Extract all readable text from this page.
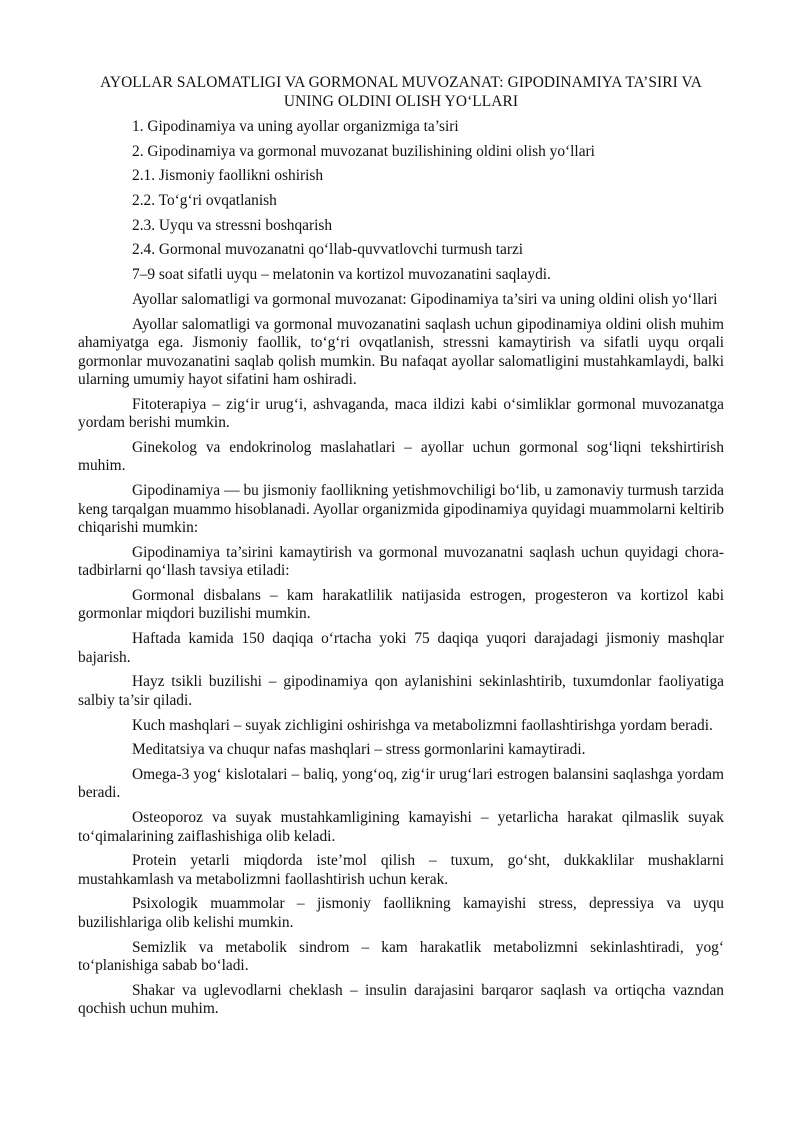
AYOLLAR SALOMATLIGI VA GORMONAL MUVOZANAT: GIPODINAMIYA TA’SIRI VA UNING OLDINI OLISH YO‘LLARI
1. Gipodinamiya va uning ayollar organizmiga ta’siri
2. Gipodinamiya va gormonal muvozanat buzilishining oldini olish yo‘llari
2.1. Jismoniy faollikni oshirish
2.2. To‘g‘ri ovqatlanish
2.3. Uyqu va stressni boshqarish
2.4. Gormonal muvozanatni qo‘llab-quvvatlovchi turmush tarzi
7–9 soat sifatli uyqu – melatonin va kortizol muvozanatini saqlaydi.

Ayollar salomatligi va gormonal muvozanat: Gipodinamiya ta’siri va uning oldini olish yo‘llari

Ayollar salomatligi va gormonal muvozanatini saqlash uchun gipodinamiya oldini olish muhim ahamiyatga ega. Jismoniy faollik, to‘g‘ri ovqatlanish, stressni kamaytirish va sifatli uyqu orqali gormonlar muvozanatini saqlab qolish mumkin. Bu nafaqat ayollar salomatligini mustahkamlaydi, balki ularning umumiy hayot sifatini ham oshiradi.

Fitoterapiya – zig‘ir urug‘i, ashvaganda, maca ildizi kabi o‘simliklar gormonal muvozanatga yordam berishi mumkin.

Ginekolog va endokrinolog maslahatlari – ayollar uchun gormonal sog‘liqni tekshirtirish muhim.

Gipodinamiya — bu jismoniy faollikning yetishmovchiligi bo‘lib, u zamonaviy turmush tarzida keng tarqalgan muammo hisoblanadi. Ayollar organizmida gipodinamiya quyidagi muammolarni keltirib chiqarishi mumkin:

Gipodinamiya ta’sirini kamaytirish va gormonal muvozanatni saqlash uchun quyidagi chora-tadbirlarni qo‘llash tavsiya etiladi:

Gormonal disbalans – kam harakatlilik natijasida estrogen, progesteron va kortizol kabi gormonlar miqdori buzilishi mumkin.

Haftada kamida 150 daqiqa o‘rtacha yoki 75 daqiqa yuqori darajadagi jismoniy mashqlar bajarish.

Hayz tsikli buzilishi – gipodinamiya qon aylanishini sekinlashtirib, tuxumdonlar faoliyatiga salbiy ta’sir qiladi.

Kuch mashqlari – suyak zichligini oshirishga va metabolizmni faollashtirishga yordam beradi.

Meditatsiya va chuqur nafas mashqlari – stress gormonlarini kamaytiradi.

Omega-3 yog‘ kislotalari – baliq, yong‘oq, zig‘ir urug‘lari estrogen balansini saqlashga yordam beradi.

Osteoporoz va suyak mustahkamligining kamayishi – yetarlicha harakat qilmaslik suyak to‘qimalarining zaiflashishiga olib keladi.

Protein yetarli miqdorda iste’mol qilish – tuxum, go‘sht, dukkaklilar mushaklarni mustahkamlash va metabolizmni faollashtirish uchun kerak.

Psixologik muammolar – jismoniy faollikning kamayishi stress, depressiya va uyqu buzilishlariga olib kelishi mumkin.

Semizlik va metabolik sindrom – kam harakatlik metabolizmni sekinlashtiradi, yog‘ to‘planishiga sabab bo‘ladi.

Shakar va uglevodlarni cheklash – insulin darajasini barqaror saqlash va ortiqcha vazndan qochish uchun muhim.
